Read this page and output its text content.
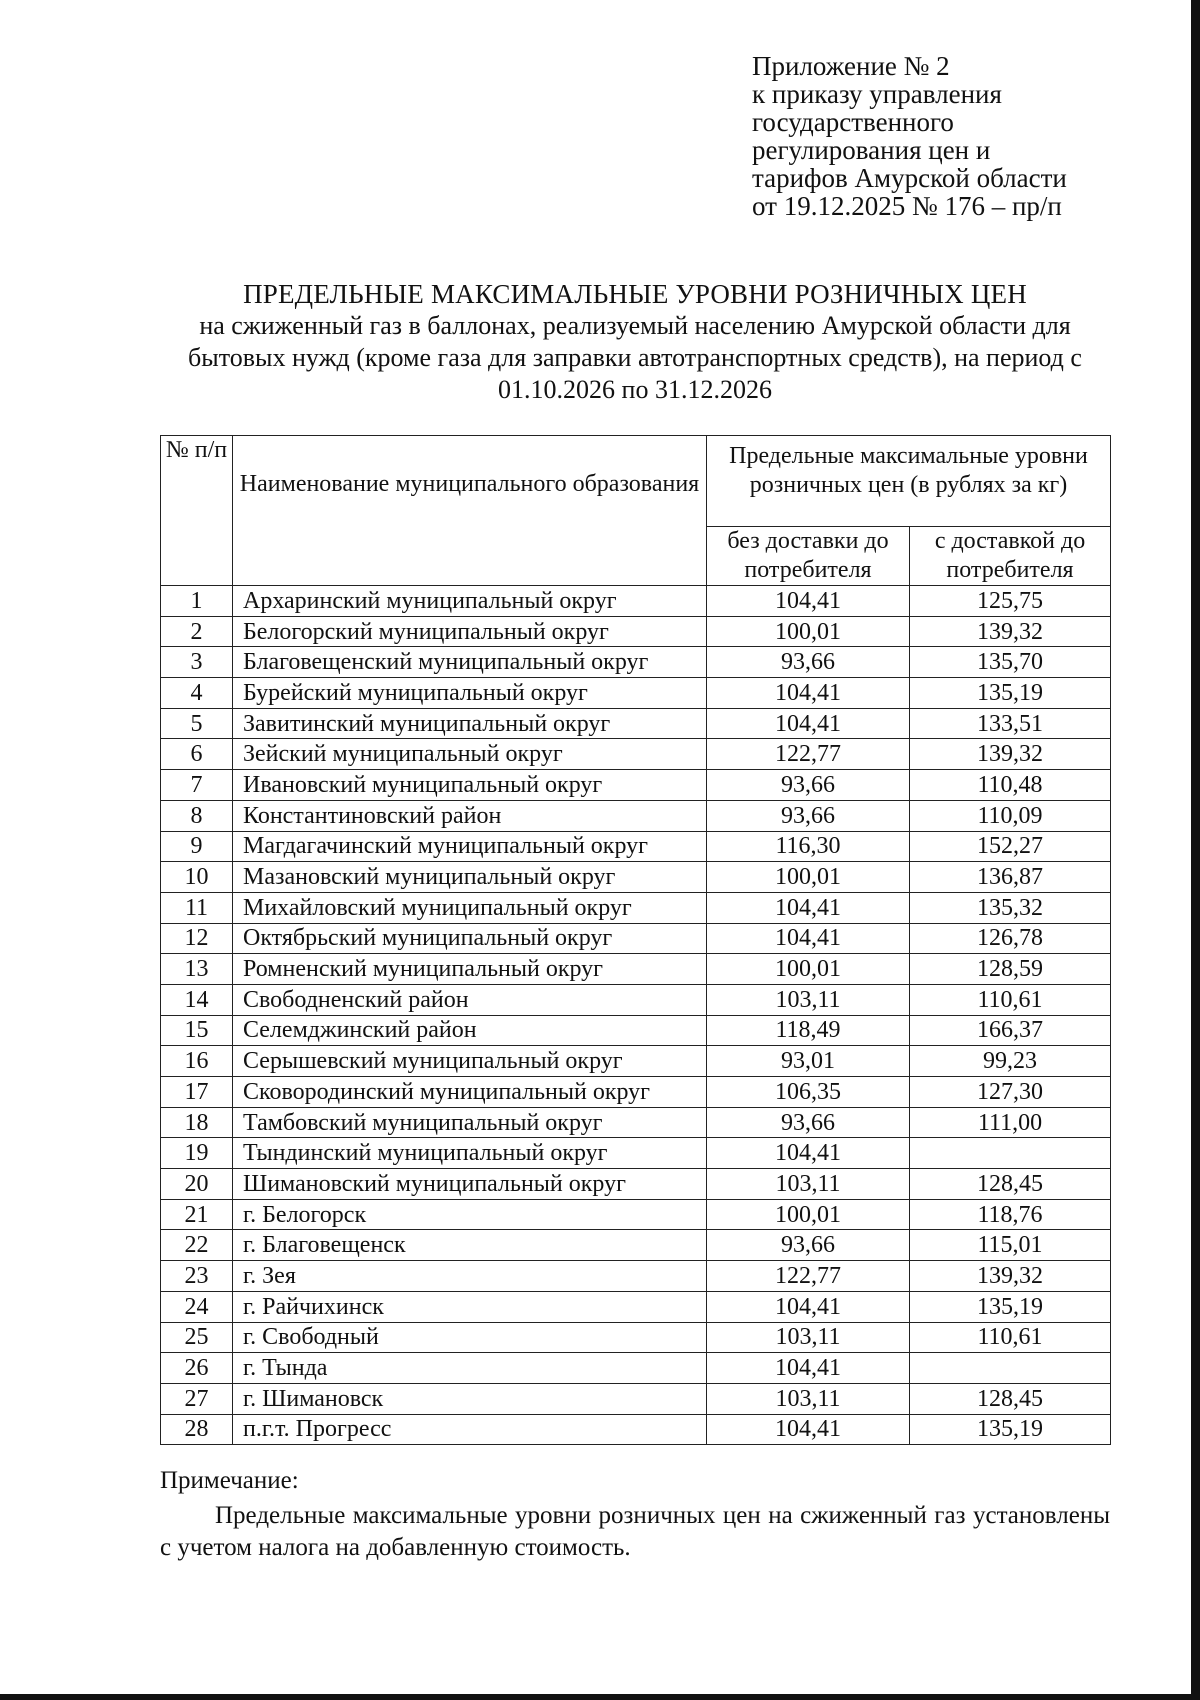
Приложение № 2
к приказу управления
государственного
регулирования цен и
тарифов Амурской области
от 19.12.2025 № 176 – пр/п
ПРЕДЕЛЬНЫЕ МАКСИМАЛЬНЫЕ УРОВНИ РОЗНИЧНЫХ ЦЕН
на сжиженный газ в баллонах, реализуемый населению Амурской области для бытовых нужд (кроме газа для заправки автотранспортных средств), на период с 01.10.2026 по 31.12.2026
№ п/п	Наименование муниципального образования	Предельные максимальные уровни розничных цен (в рублях за кг)	
		без доставки до потребителя	с доставкой до потребителя
1	Архаринский муниципальный округ	104,41	125,75
2	Белогорский муниципальный округ	100,01	139,32
3	Благовещенский муниципальный округ	93,66	135,70
4	Бурейский муниципальный округ	104,41	135,19
5	Завитинский муниципальный округ	104,41	133,51
6	Зейский муниципальный округ	122,77	139,32
7	Ивановский муниципальный округ	93,66	110,48
8	Константиновский район	93,66	110,09
9	Магдагачинский муниципальный округ	116,30	152,27
10	Мазановский муниципальный округ	100,01	136,87
11	Михайловский муниципальный округ	104,41	135,32
12	Октябрьский муниципальный округ	104,41	126,78
13	Ромненский муниципальный округ	100,01	128,59
14	Свободненский район	103,11	110,61
15	Селемджинский район	118,49	166,37
16	Серышевский муниципальный округ	93,01	99,23
17	Сковородинский муниципальный округ	106,35	127,30
18	Тамбовский муниципальный округ	93,66	111,00
19	Тындинский муниципальный округ	104,41	
20	Шимановский муниципальный округ	103,11	128,45
21	г. Белогорск	100,01	118,76
22	г. Благовещенск	93,66	115,01
23	г. Зея	122,77	139,32
24	г. Райчихинск	104,41	135,19
25	г. Свободный	103,11	110,61
26	г. Тында	104,41	
27	г. Шимановск	103,11	128,45
28	п.г.т. Прогресс	104,41	135,19
Примечание:
Предельные максимальные уровни розничных цен на сжиженный газ установлены с учетом налога на добавленную стоимость.
